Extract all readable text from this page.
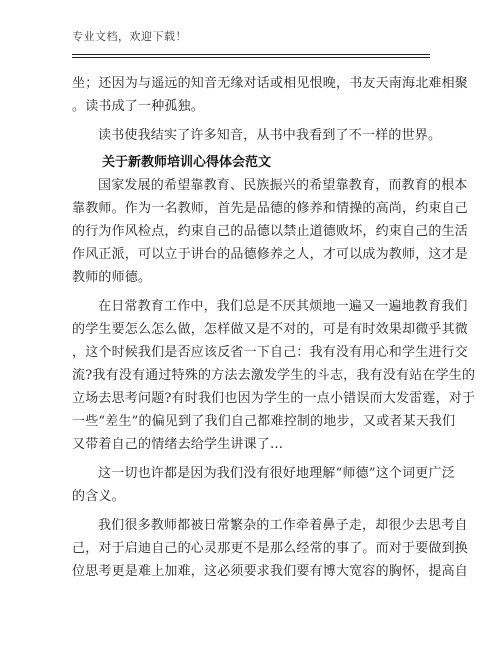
专业文档，欢迎下载！
坐；还因为与遥远的知音无缘对话或相见恨晚，书友天南海北难相聚
。读书成了一种孤独。
读书使我结实了许多知音，从书中我看到了不一样的世界。
关于新教师培训心得体会范文
国家发展的希望靠教育、民族振兴的希望靠教育，而教育的根本
靠教师。作为一名教师，首先是品德的修养和情操的高尚，约束自己
的行为作风检点，约束自己的品德以禁止道德败坏，约束自己的生活
作风正派，可以立于讲台的品德修养之人，才可以成为教师，这才是
教师的师德。
在日常教育工作中，我们总是不厌其烦地一遍又一遍地教育我们
的学生要怎么怎么做，怎样做又是不对的，可是有时效果却微乎其微
，这个时候我们是否应该反省一下自己：我有没有用心和学生进行交
流?我有没有通过特殊的方法去激发学生的斗志，我有没有站在学生的
立场去思考问题?有时我们也因为学生的一点小错误而大发雷霆，对于
一些“差生”的偏见到了我们自己都难控制的地步，又或者某天我们
又带着自己的情绪去给学生讲课了…
这一切也许都是因为我们没有很好地理解“师德”这个词更广泛
的含义。
我们很多教师都被日常繁杂的工作牵着鼻子走，却很少去思考自
己，对于启迪自己的心灵那更不是那么经常的事了。而对于要做到换
位思考更是难上加难，这必须要求我们要有博大宽容的胸怀，提高自
